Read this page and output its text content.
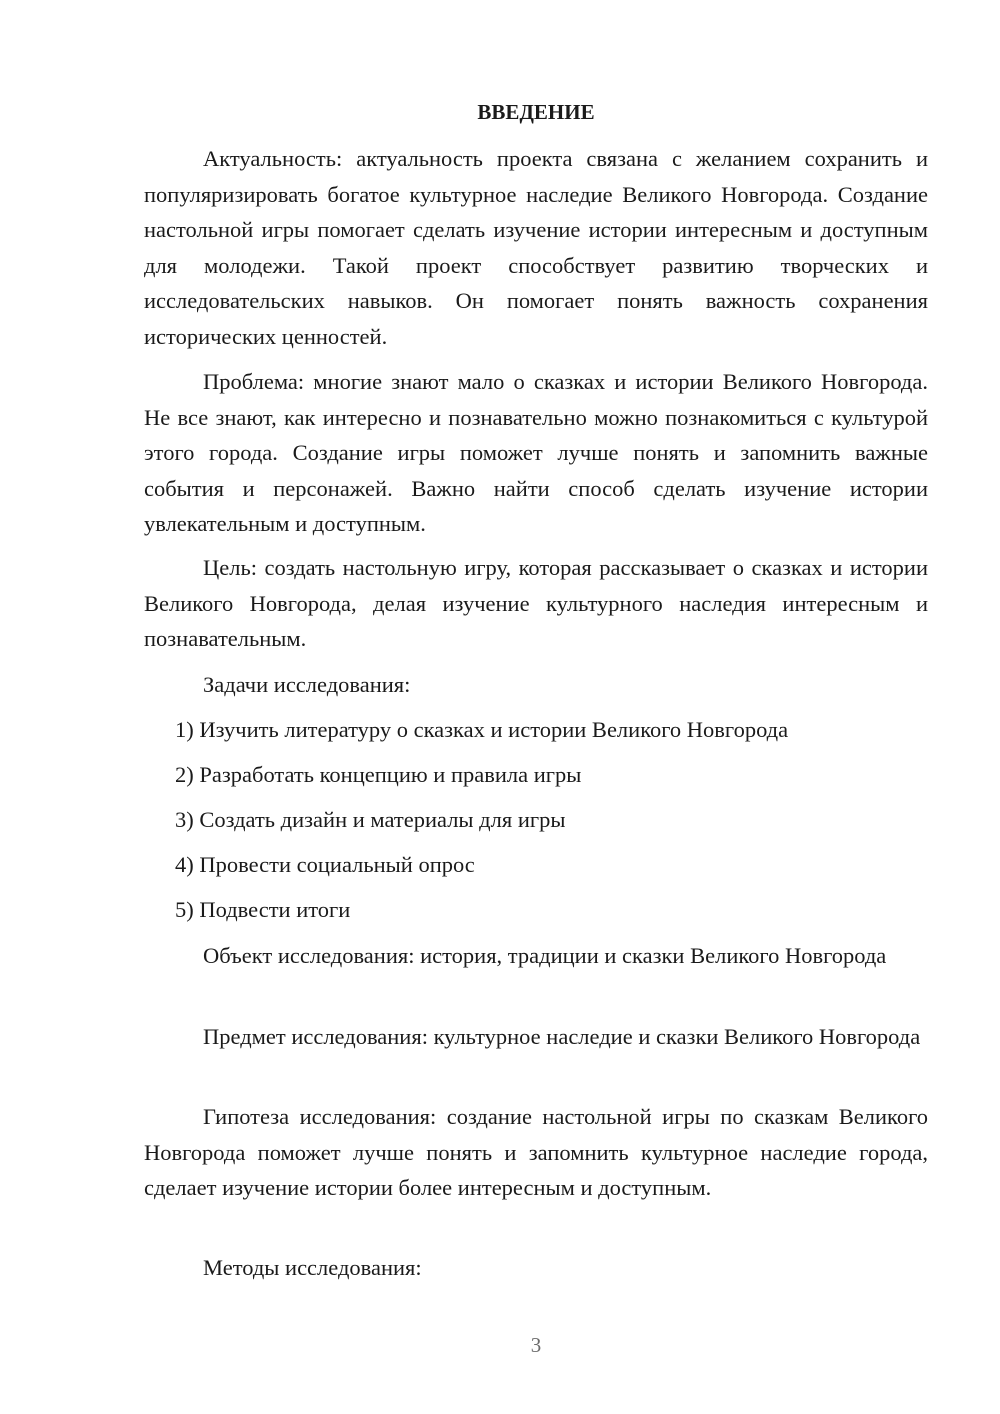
ВВЕДЕНИЕ

Актуальность: актуальность проекта связана с желанием сохранить и популяризировать богатое культурное наследие Великого Новгорода. Создание настольной игры помогает сделать изучение истории интересным и доступным для молодежи. Такой проект способствует развитию творческих и исследовательских навыков. Он помогает понять важность сохранения исторических ценностей.

Проблема: многие знают мало о сказках и истории Великого Новгорода. Не все знают, как интересно и познавательно можно познакомиться с культурой этого города. Создание игры поможет лучше понять и запомнить важные события и персонажей. Важно найти способ сделать изучение истории увлекательным и доступным.

Цель: создать настольную игру, которая рассказывает о сказках и истории Великого Новгорода, делая изучение культурного наследия интересным и познавательным.

Задачи исследования:

1) Изучить литературу о сказках и истории Великого Новгорода

2) Разработать концепцию и правила игры

3) Создать дизайн и материалы для игры

4) Провести социальный опрос

5) Подвести итоги

Объект исследования: история, традиции и сказки Великого Новгорода

Предмет исследования: культурное наследие и сказки Великого Новгорода

Гипотеза исследования: создание настольной игры по сказкам Великого Новгорода поможет лучше понять и запомнить культурное наследие города, сделает изучение истории более интересным и доступным.

Методы исследования:

3
